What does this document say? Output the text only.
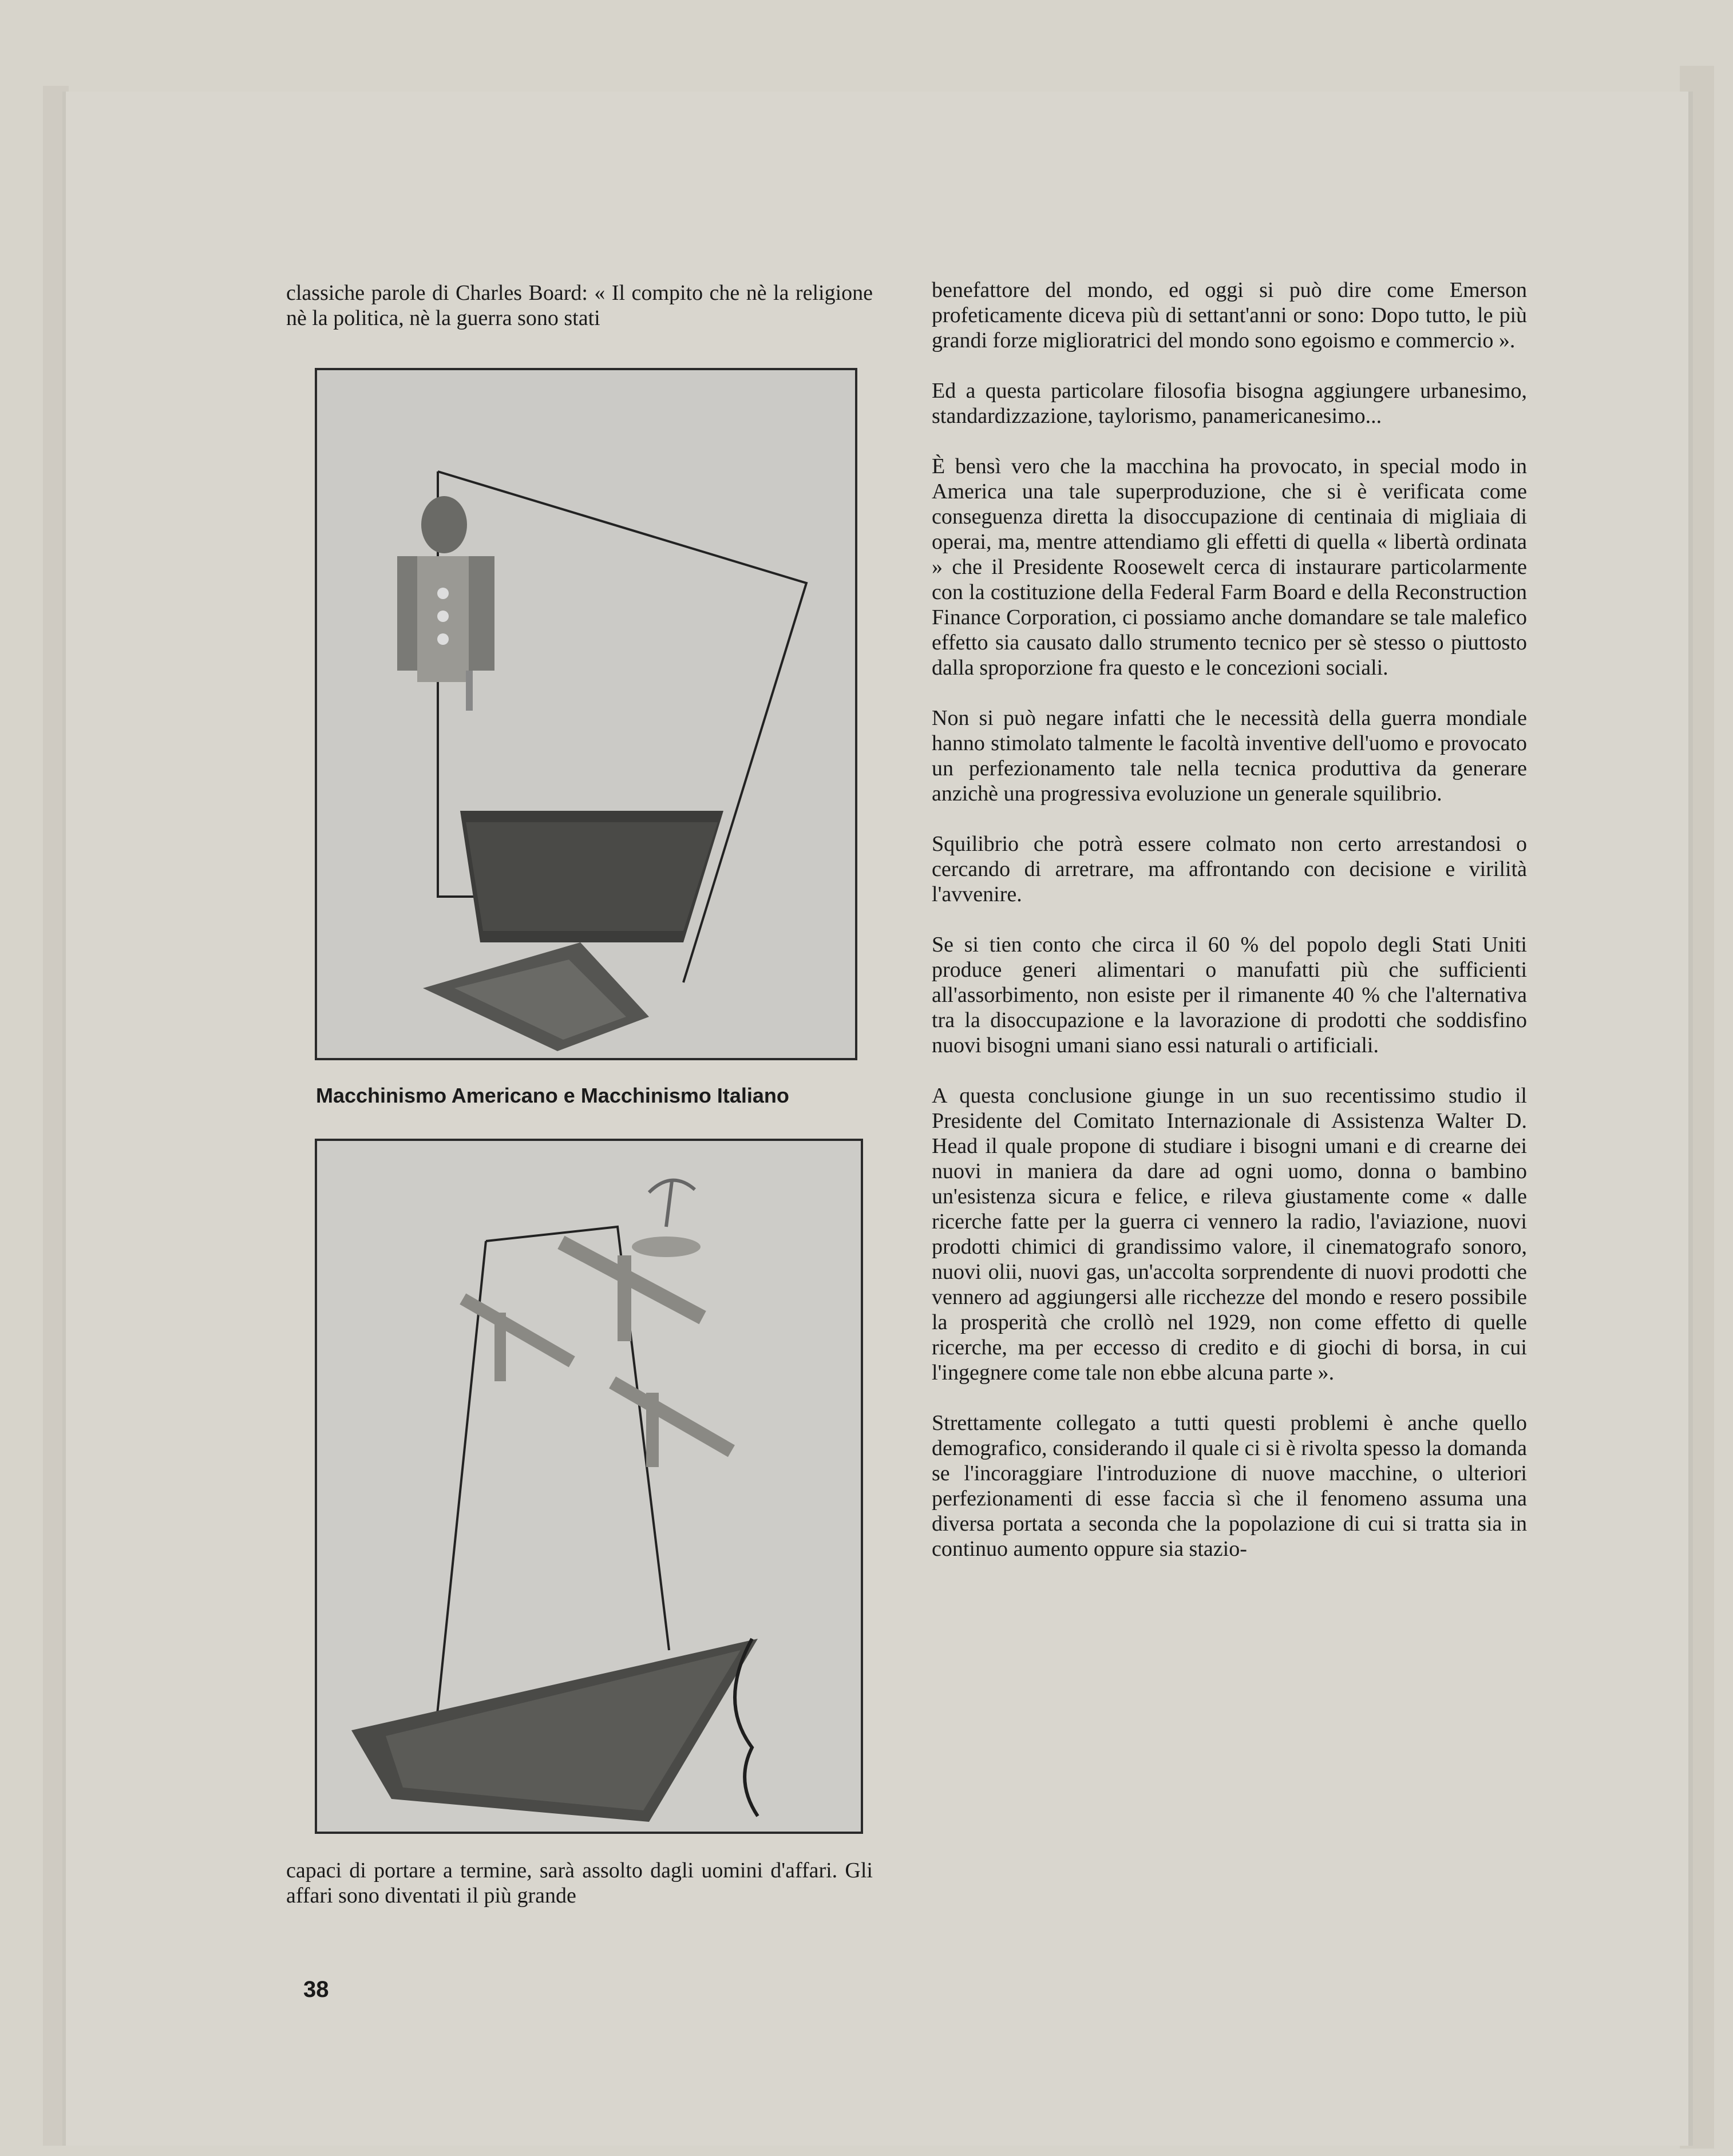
classiche parole di Charles Board: « Il compito che nè la religione nè la politica, nè la guerra sono stati

Macchinismo Americano e Macchinismo Italiano

capaci di portare a termine, sarà assolto dagli uomini d'affari. Gli affari sono diventati il più grande

benefattore del mondo, ed oggi si può dire come Emerson profeticamente diceva più di settant'anni or sono: Dopo tutto, le più grandi forze miglioratrici del mondo sono egoismo e commercio ».

Ed a questa particolare filosofia bisogna aggiungere urbanesimo, standardizzazione, taylorismo, panamericanesimo...

È bensì vero che la macchina ha provocato, in special modo in America una tale superproduzione, che si è verificata come conseguenza diretta la disoccupazione di centinaia di migliaia di operai, ma, mentre attendiamo gli effetti di quella « libertà ordinata » che il Presidente Roosewelt cerca di instaurare particolarmente con la costituzione della Federal Farm Board e della Reconstruction Finance Corporation, ci possiamo anche domandare se tale malefico effetto sia causato dallo strumento tecnico per sè stesso o piuttosto dalla sproporzione fra questo e le concezioni sociali.

Non si può negare infatti che le necessità della guerra mondiale hanno stimolato talmente le facoltà inventive dell'uomo e provocato un perfezionamento tale nella tecnica produttiva da generare anzichè una progressiva evoluzione un generale squilibrio.

Squilibrio che potrà essere colmato non certo arrestandosi o cercando di arretrare, ma affrontando con decisione e virilità l'avvenire.

Se si tien conto che circa il 60 % del popolo degli Stati Uniti produce generi alimentari o manufatti più che sufficienti all'assorbimento, non esiste per il rimanente 40 % che l'alternativa tra la disoccupazione e la lavorazione di prodotti che soddisfino nuovi bisogni umani siano essi naturali o artificiali.

A questa conclusione giunge in un suo recentissimo studio il Presidente del Comitato Internazionale di Assistenza Walter D. Head il quale propone di studiare i bisogni umani e di crearne dei nuovi in maniera da dare ad ogni uomo, donna o bambino un'esistenza sicura e felice, e rileva giustamente come « dalle ricerche fatte per la guerra ci vennero la radio, l'aviazione, nuovi prodotti chimici di grandissimo valore, il cinematografo sonoro, nuovi olii, nuovi gas, un'accolta sorprendente di nuovi prodotti che vennero ad aggiungersi alle ricchezze del mondo e resero possibile la prosperità che crollò nel 1929, non come effetto di quelle ricerche, ma per eccesso di credito e di giochi di borsa, in cui l'ingegnere come tale non ebbe alcuna parte ».

Strettamente collegato a tutti questi problemi è anche quello demografico, considerando il quale ci si è rivolta spesso la domanda se l'incoraggiare l'introduzione di nuove macchine, o ulteriori perfezionamenti di esse faccia sì che il fenomeno assuma una diversa portata a seconda che la popolazione di cui si tratta sia in continuo aumento oppure sia stazio-

38
